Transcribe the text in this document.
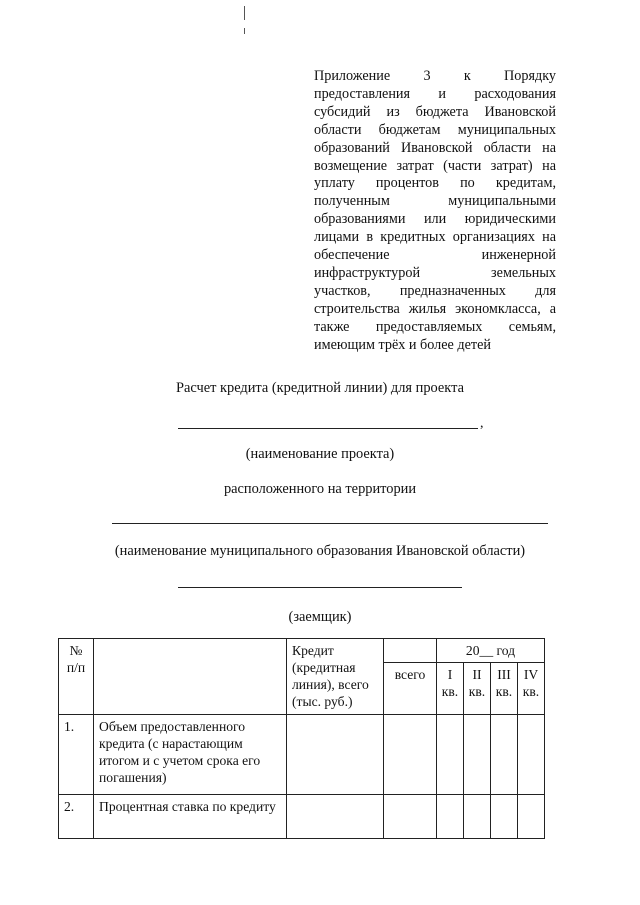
Приложение 3 к Порядку
предоставления и расходования
субсидий из бюджета Ивановской
области бюджетам муниципальных
образований Ивановской области на
возмещение затрат (части затрат) на
уплату процентов по кредитам,
полученным муниципальными
образованиями или юридическими
лицами в кредитных организациях на
обеспечение инженерной
инфраструктурой земельных
участков, предназначенных для
строительства жилья экономкласса, а
также предоставляемых семьям,
имеющим трёх и более детей
Расчет кредита (кредитной линии) для проекта
,
(наименование проекта)
расположенного на территории
(наименование муниципального образования Ивановской области)
(заемщик)
№ п/п		Кредит (кредитная линия), всего (тыс. руб.)		20__ год			
			всего	I кв.	II кв.	III кв.	IV кв.
1.	Объем предоставленного кредита (с нарастающим итогом и с учетом срока его погашения)						
2.	Процентная ставка по кредиту						
